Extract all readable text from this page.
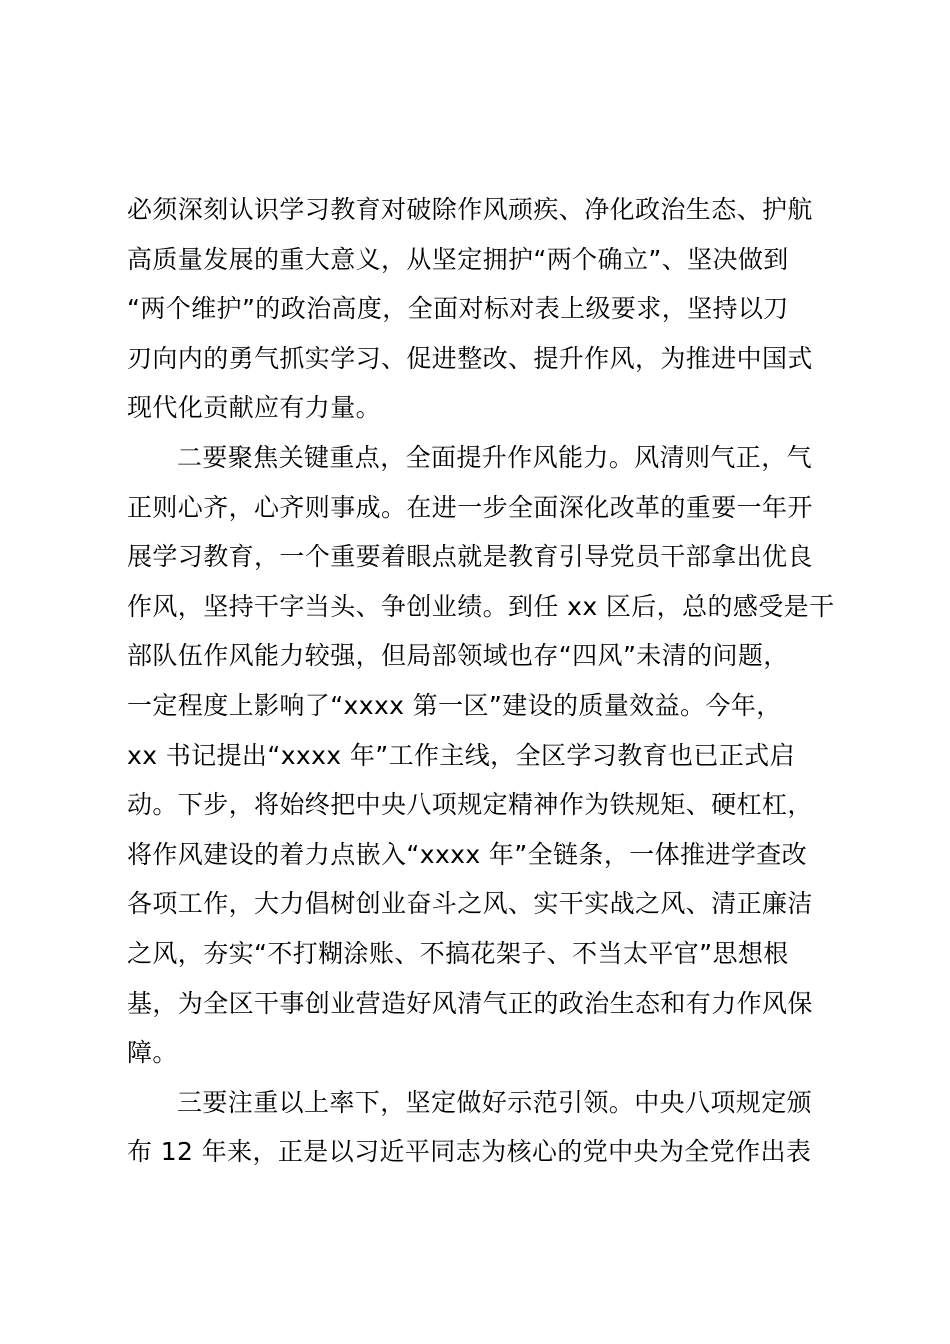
必须深刻认识学习教育对破除作风顽疾、净化政治生态、护航
高质量发展的重大意义，从坚定拥护“两个确立”、坚决做到
“两个维护”的政治高度，全面对标对表上级要求，坚持以刀
刃向内的勇气抓实学习、促进整改、提升作风，为推进中国式
现代化贡献应有力量。
二要聚焦关键重点，全面提升作风能力。风清则气正，气
正则心齐，心齐则事成。在进一步全面深化改革的重要一年开
展学习教育，一个重要着眼点就是教育引导党员干部拿出优良
作风，坚持干字当头、争创业绩。到任 xx 区后，总的感受是干
部队伍作风能力较强，但局部领域也存“四风”未清的问题，
一定程度上影响了“xxxx 第一区”建设的质量效益。今年，
xx 书记提出“xxxx 年”工作主线，全区学习教育也已正式启
动。下步，将始终把中央八项规定精神作为铁规矩、硬杠杠，
将作风建设的着力点嵌入“xxxx 年”全链条，一体推进学查改
各项工作，大力倡树创业奋斗之风、实干实战之风、清正廉洁
之风，夯实“不打糊涂账、不搞花架子、不当太平官”思想根
基，为全区干事创业营造好风清气正的政治生态和有力作风保
障。
三要注重以上率下，坚定做好示范引领。中央八项规定颁
布 12 年来，正是以习近平同志为核心的党中央为全党作出表
